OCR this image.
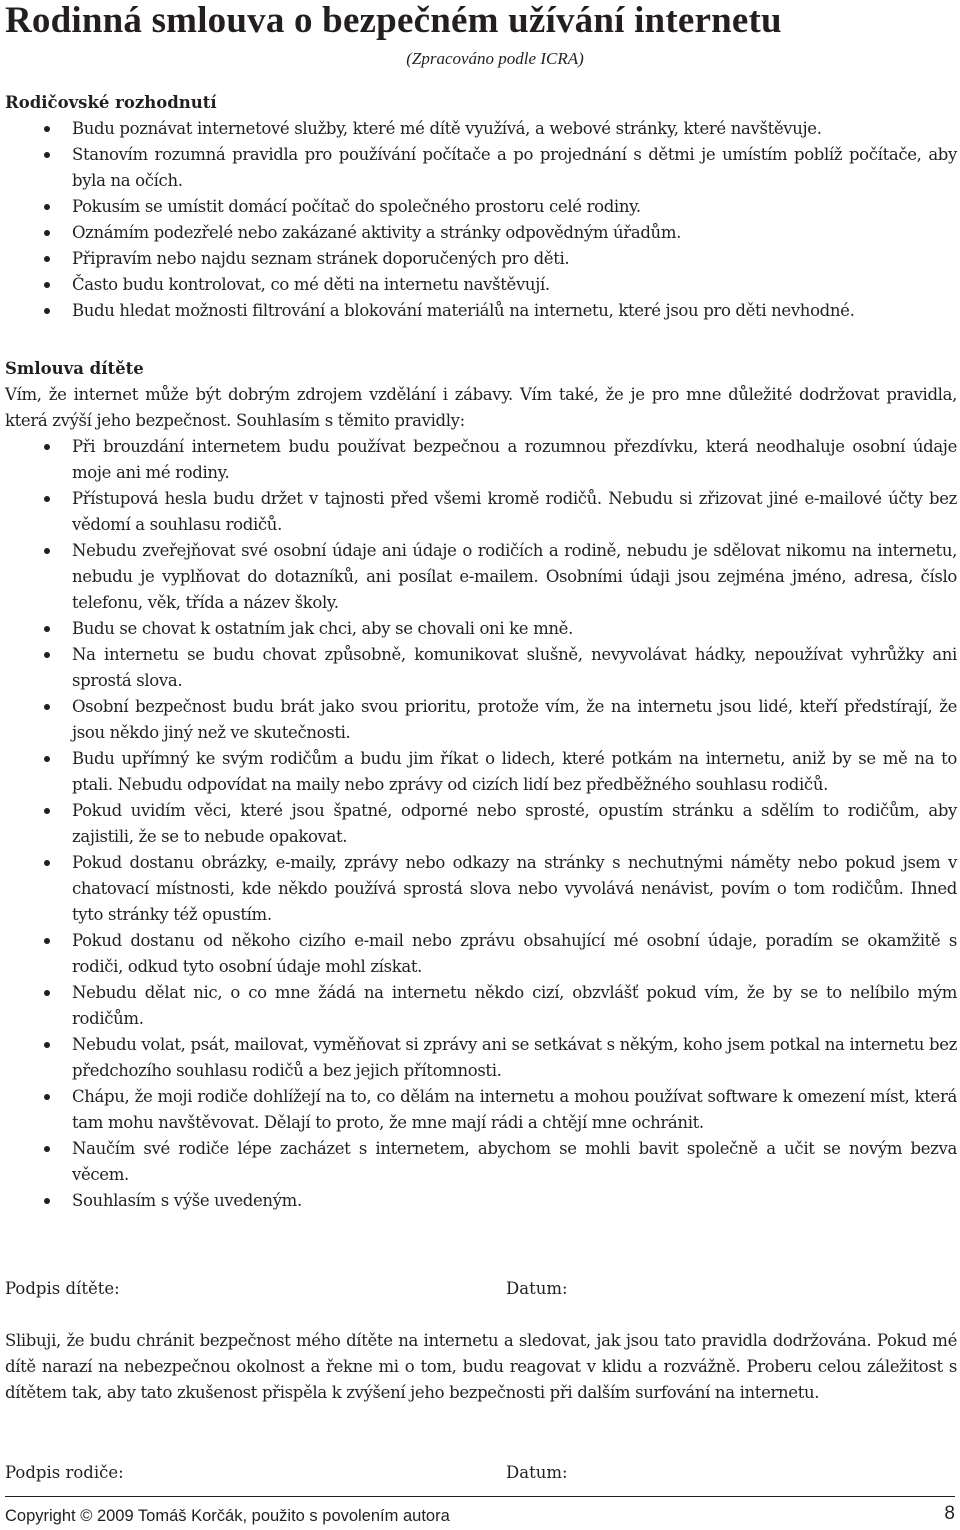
Rodinná smlouva o bezpečném užívání internetu
(Zpracováno podle ICRA)
Rodičovské rozhodnutí
Budu poznávat internetové služby, které mé dítě využívá, a webové stránky, které navštěvuje.
Stanovím rozumná pravidla pro používání počítače a po projednání s dětmi je umístím poblíž počítače, aby byla na očích.
Pokusím se umístit domácí počítač do společného prostoru celé rodiny.
Oznámím podezřelé nebo zakázané aktivity a stránky odpovědným úřadům.
Připravím nebo najdu seznam stránek doporučených pro děti.
Často budu kontrolovat, co mé děti na internetu navštěvují.
Budu hledat možnosti filtrování a blokování materiálů na internetu, které jsou pro děti nevhodné.
Smlouva dítěte

Vím, že internet může být dobrým zdrojem vzdělání i zábavy. Vím také, že je pro mne důležité dodržovat pravidla, která zvýší jeho bezpečnost. Souhlasím s těmito pravidly:

Při brouzdání internetem budu používat bezpečnou a rozumnou přezdívku, která neodhaluje osobní údaje moje ani mé rodiny.
Přístupová hesla budu držet v tajnosti před všemi kromě rodičů. Nebudu si zřizovat jiné e-mailové účty bez vědomí a souhlasu rodičů.
Nebudu zveřejňovat své osobní údaje ani údaje o rodičích a rodině, nebudu je sdělovat nikomu na internetu, nebudu je vyplňovat do dotazníků, ani posílat e-mailem. Osobními údaji jsou zejména jméno, adresa, číslo telefonu, věk, třída a název školy.
Budu se chovat k ostatním jak chci, aby se chovali oni ke mně.
Na internetu se budu chovat způsobně, komunikovat slušně, nevyvolávat hádky, nepoužívat vyhrůžky ani sprostá slova.
Osobní bezpečnost budu brát jako svou prioritu, protože vím, že na internetu jsou lidé, kteří předstírají, že jsou někdo jiný než ve skutečnosti.
Budu upřímný ke svým rodičům a budu jim říkat o lidech, které potkám na internetu, aniž by se mě na to ptali. Nebudu odpovídat na maily nebo zprávy od cizích lidí bez předběžného souhlasu rodičů.
Pokud uvidím věci, které jsou špatné, odporné nebo sprosté, opustím stránku a sdělím to rodičům, aby zajistili, že se to nebude opakovat.
Pokud dostanu obrázky, e-maily, zprávy nebo odkazy na stránky s nechutnými náměty nebo pokud jsem v chatovací místnosti, kde někdo používá sprostá slova nebo vyvolává nenávist, povím o tom rodičům. Ihned tyto stránky též opustím.
Pokud dostanu od někoho cizího e-mail nebo zprávu obsahující mé osobní údaje, poradím se okamžitě s rodiči, odkud tyto osobní údaje mohl získat.
Nebudu dělat nic, o co mne žádá na internetu někdo cizí, obzvlášť pokud vím, že by se to nelíbilo mým rodičům.
Nebudu volat, psát, mailovat, vyměňovat si zprávy ani se setkávat s někým, koho jsem potkal na internetu bez předchozího souhlasu rodičů a bez jejich přítomnosti.
Chápu, že moji rodiče dohlížejí na to, co dělám na internetu a mohou používat software k omezení míst, která tam mohu navštěvovat. Dělají to proto, že mne mají rádi a chtějí mne ochránit.
Naučím své rodiče lépe zacházet s internetem, abychom se mohli bavit společně a učit se novým bezva věcem.
Souhlasím s výše uvedeným.
Podpis dítěte:	Datum:

Slibuji, že budu chránit bezpečnost mého dítěte na internetu a sledovat, jak jsou tato pravidla dodržována. Pokud mé dítě narazí na nebezpečnou okolnost a řekne mi o tom, budu reagovat v klidu a rozvážně. Proberu celou záležitost s dítětem tak, aby tato zkušenost přispěla k zvýšení jeho bezpečnosti při dalším surfování na internetu.

Podpis rodiče:	Datum:
Copyright © 2009 Tomáš Korčák, použito s povolením autora	8
